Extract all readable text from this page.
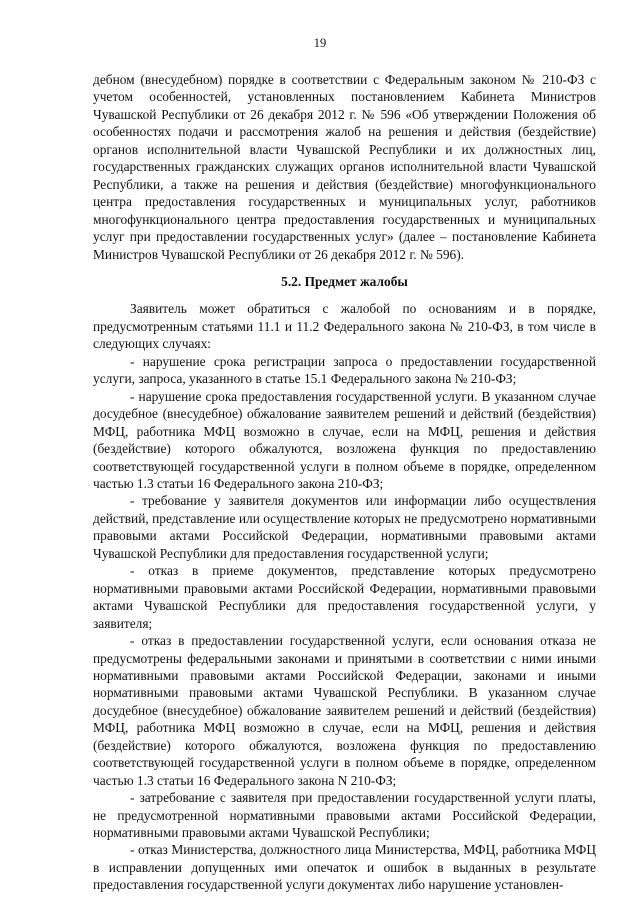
19

дебном (внесудебном) порядке в соответствии с Федеральным законом № 210-ФЗ с учетом особенностей, установленных постановлением Кабинета Министров Чувашской Республики от 26 декабря 2012 г. № 596 «Об утверждении Положения об особенностях подачи и рассмотрения жалоб на решения и действия (бездействие) органов исполнительной власти Чувашской Республики и их должностных лиц, государственных гражданских служащих органов исполнительной власти Чувашской Республики, а также на решения и действия (бездействие) многофункционального центра предоставления государственных и муниципальных услуг, работников многофункционального центра предоставления государственных и муниципальных услуг при предоставлении государственных услуг» (далее – постановление Кабинета Министров Чувашской Республики от 26 декабря 2012 г. № 596).

5.2. Предмет жалобы

Заявитель может обратиться с жалобой по основаниям и в порядке, предусмотренным статьями 11.1 и 11.2 Федерального закона № 210-ФЗ, в том числе в следующих случаях:

- нарушение срока регистрации запроса о предоставлении государственной услуги, запроса, указанного в статье 15.1 Федерального закона № 210-ФЗ;

- нарушение срока предоставления государственной услуги. В указанном случае досудебное (внесудебное) обжалование заявителем решений и действий (бездействия) МФЦ, работника МФЦ возможно в случае, если на МФЦ, решения и действия (бездействие) которого обжалуются, возложена функция по предоставлению соответствующей государственной услуги в полном объеме в порядке, определенном частью 1.3 статьи 16 Федерального закона 210-ФЗ;

- требование у заявителя документов или информации либо осуществления действий, представление или осуществление которых не предусмотрено нормативными правовыми актами Российской Федерации, нормативными правовыми актами Чувашской Республики для предоставления государственной услуги;

- отказ в приеме документов, представление которых предусмотрено нормативными правовыми актами Российской Федерации, нормативными правовыми актами Чувашской Республики для предоставления государственной услуги, у заявителя;

- отказ в предоставлении государственной услуги, если основания отказа не предусмотрены федеральными законами и принятыми в соответствии с ними иными нормативными правовыми актами Российской Федерации, законами и иными нормативными правовыми актами Чувашской Республики. В указанном случае досудебное (внесудебное) обжалование заявителем решений и действий (бездействия) МФЦ, работника МФЦ возможно в случае, если на МФЦ, решения и действия (бездействие) которого обжалуются, возложена функция по предоставлению соответствующей государственной услуги в полном объеме в порядке, определенном частью 1.3 статьи 16 Федерального закона N 210-ФЗ;

- затребование с заявителя при предоставлении государственной услуги платы, не предусмотренной нормативными правовыми актами Российской Федерации, нормативными правовыми актами Чувашской Республики;

- отказ Министерства, должностного лица Министерства, МФЦ, работника МФЦ в исправлении допущенных ими опечаток и ошибок в выданных в результате предоставления государственной услуги документах либо нарушение установлен-
